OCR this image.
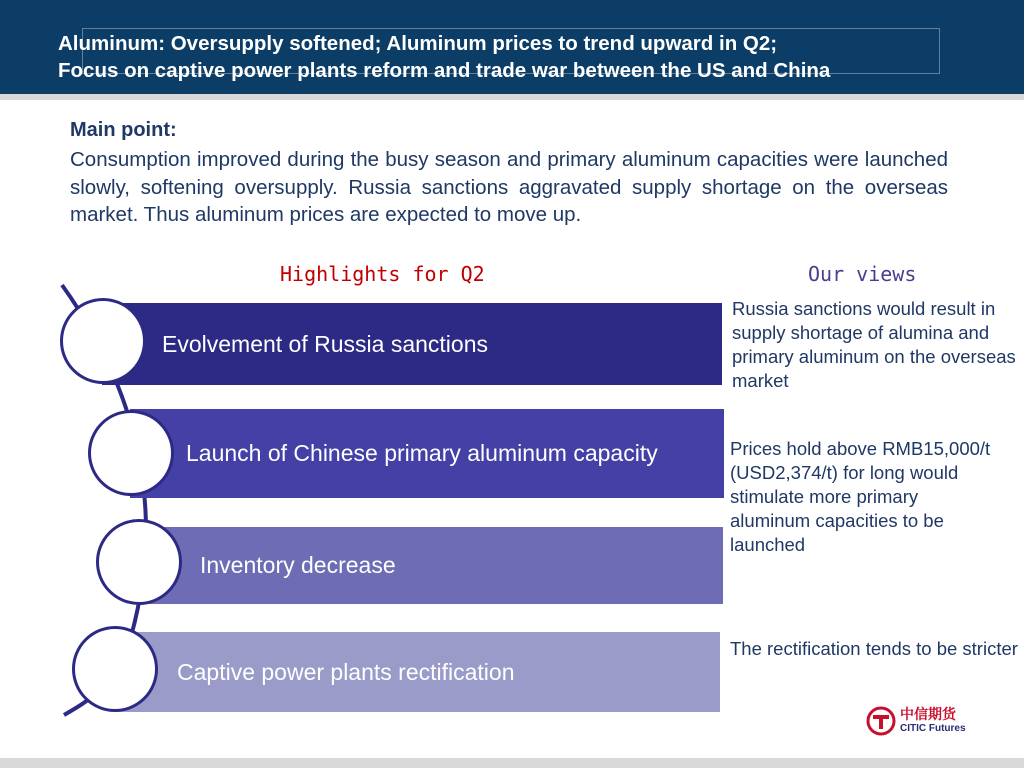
Aluminum: Oversupply softened; Aluminum prices to trend upward in Q2;
Focus on captive power plants reform and trade war between the US and China
Main point:
Consumption improved during the busy season and primary aluminum capacities were launched slowly, softening oversupply. Russia sanctions aggravated supply shortage on the overseas market. Thus aluminum prices are expected to move up.
Highlights for Q2	Our views
Evolvement of Russia sanctions
Launch of Chinese primary aluminum capacity
Inventory decrease
Captive power plants rectification
Russia sanctions would result in supply shortage of alumina and primary aluminum on the overseas market
Prices hold above RMB15,000/t (USD2,374/t) for long would stimulate more primary aluminum capacities to be launched
The rectification tends to be stricter
中信期货
CITIC Futures
